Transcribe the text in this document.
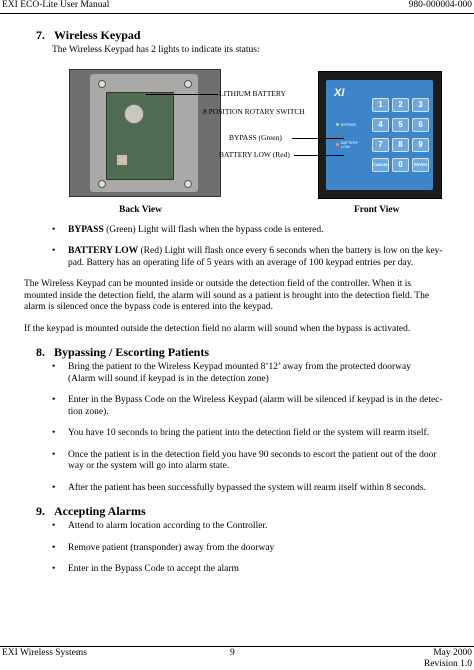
EXI ECO-Lite User Manual	980-000004-000
7. Wireless Keypad

The Wireless Keypad has 2 lights to indicate its status:

XI
BYPASS
BATTERY
LOW
1	2	3
4	5	6
7	8	9
CANCEL	0	ENTER
LITHIUM BATTERY
8 POSITION ROTARY SWITCH
BYPASS (Green)
BATTERY LOW (Red)
Back View	Front View
• BYPASS (Green) Light will flash when the bypass code is entered.
• BATTERY LOW (Red) Light will flash once every 6 seconds when the battery is low on the key-pad. Battery has an operating life of 5 years with an average of 100 keypad entries per day.

The Wireless Keypad can be mounted inside or outside the detection field of the controller. When it is mounted inside the detection field, the alarm will sound as a patient is brought into the detection field. The alarm is silenced once the bypass code is entered into the keypad.

If the keypad is mounted outside the detection field no alarm will sound when the bypass is activated.

8. Bypassing / Escorting Patients
• Bring the patient to the Wireless Keypad mounted 8’12’ away from the protected doorway
(Alarm will sound if keypad is in the detection zone)
• Enter in the Bypass Code on the Wireless Keypad (alarm will be silenced if keypad is in the detec-tion zone).
• You have 10 seconds to bring the patient into the detection field or the system will rearm itself.
• Once the patient is in the detection field you have 90 seconds to escort the patient out of the door way or the system will go into alarm state.
• After the patient has been successfully bypassed the system will rearm itself within 8 seconds.
9. Accepting Alarms
• Attend to alarm location according to the Controller.
• Remove patient (transponder) away from the doorway
• Enter in the Bypass Code to accept the alarm
EXI Wireless Systems	9	May 2000
Revision 1.0
